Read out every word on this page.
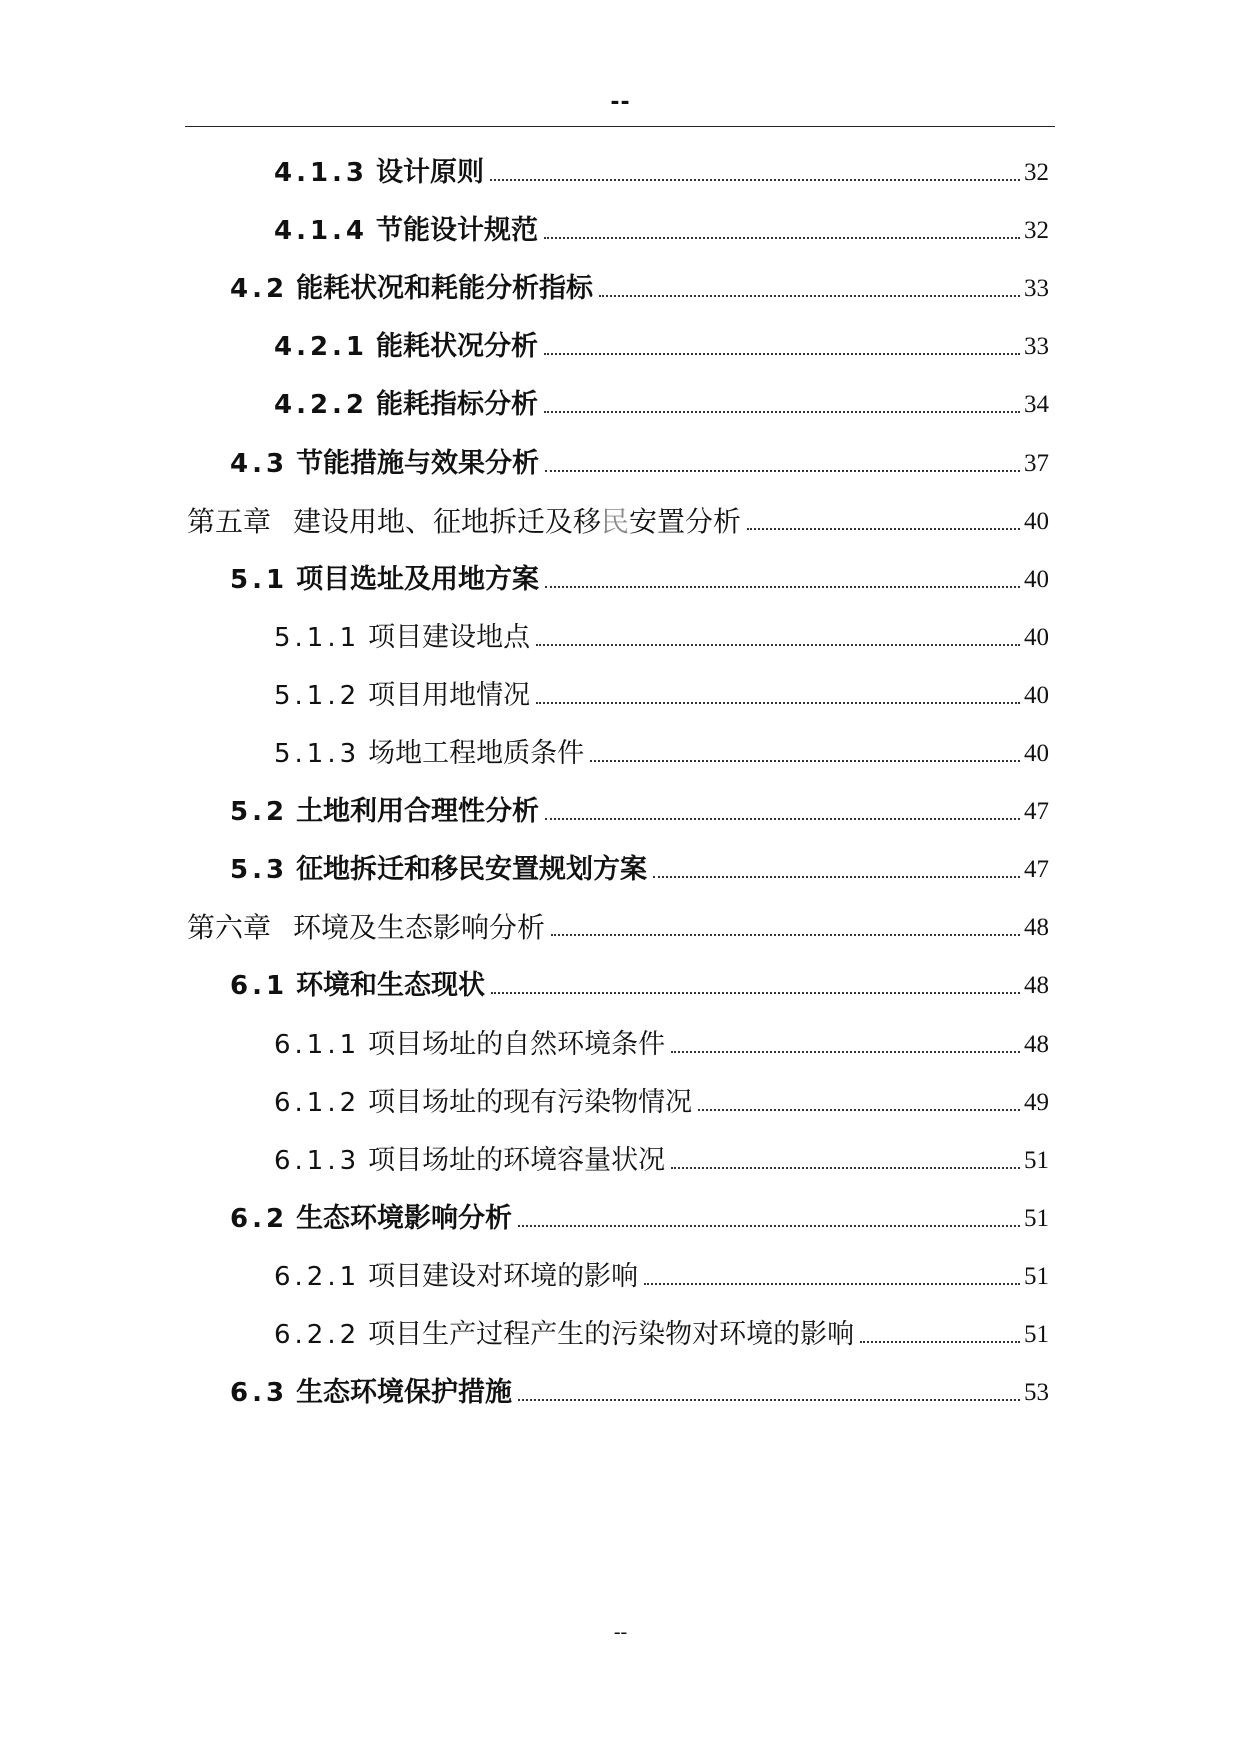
--
4.1.3 设计原则	32
4.1.4 节能设计规范	32
4.2 能耗状况和耗能分析指标	33
4.2.1 能耗状况分析	33
4.2.2 能耗指标分析	34
4.3 节能措施与效果分析	37
第五章 建设用地、征地拆迁及移民安置分析	40
5.1 项目选址及用地方案	40
5.1.1 项目建设地点	40
5.1.2 项目用地情况	40
5.1.3 场地工程地质条件	40
5.2 土地利用合理性分析	47
5.3 征地拆迁和移民安置规划方案	47
第六章 环境及生态影响分析	48
6.1 环境和生态现状	48
6.1.1 项目场址的自然环境条件	48
6.1.2 项目场址的现有污染物情况	49
6.1.3 项目场址的环境容量状况	51
6.2 生态环境影响分析	51
6.2.1 项目建设对环境的影响	51
6.2.2 项目生产过程产生的污染物对环境的影响	51
6.3 生态环境保护措施	53
--
